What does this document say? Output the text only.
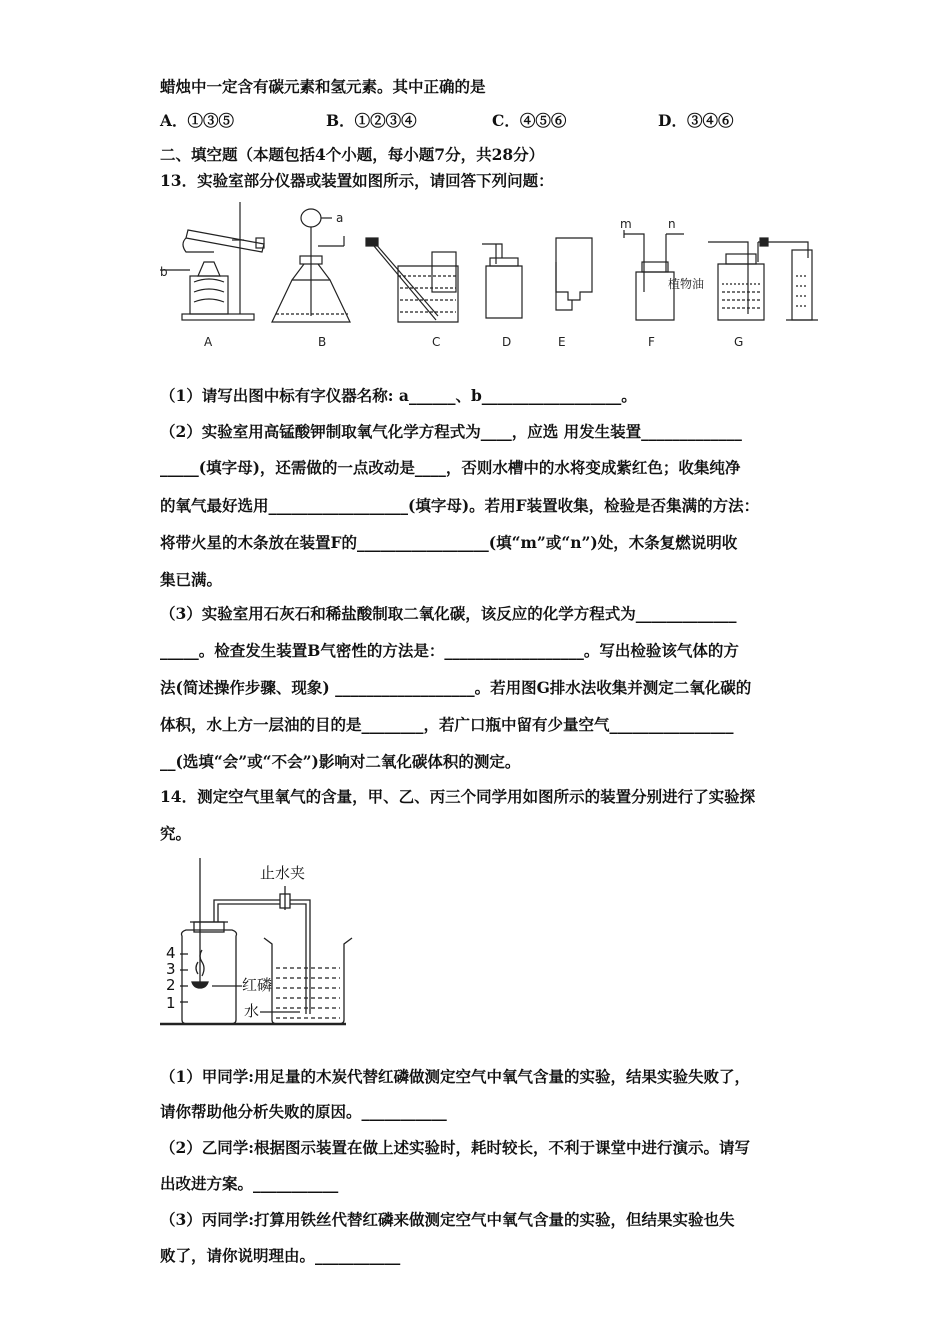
蜡烛中一定含有碳元素和氢元素。其中正确的是
A．①③⑤	B．①②③④	C．④⑤⑥	D．③④⑥
二、填空题（本题包括4个小题，每小题7分，共28分）
13．实验室部分仪器或装置如图所示，请回答下列问题：
A	B	C	D	E	F	G
a
b
m	n
植物油
（1）请写出图中标有字仪器名称: a______、b__________________。
（2）实验室用高锰酸钾制取氧气化学方程式为____，应选 用发生装置_____________
_____(填字母)，还需做的一点改动是____，否则水槽中的水将变成紫红色；收集纯净
的氧气最好选用__________________(填字母)。若用F装置收集，检验是否集满的方法：
将带火星的木条放在装置F的_________________(填“m”或“n”)处，木条复燃说明收
集已满。
（3）实验室用石灰石和稀盐酸制取二氧化碳，该反应的化学方程式为_____________
_____。检查发生装置B气密性的方法是：__________________。写出检验该气体的方
法(简述操作步骤、现象) __________________。若用图G排水法收集并测定二氧化碳的
体积，水上方一层油的目的是________，若广口瓶中留有少量空气________________
__(选填“会”或“不会”)影响对二氧化碳体积的测定。
14．测定空气里氧气的含量，甲、乙、丙三个同学用如图所示的装置分别进行了实验探
究。
止水夹
红磷
水
4
3
2
1
（1）甲同学:用足量的木炭代替红磷做测定空气中氧气含量的实验，结果实验失败了，
请你帮助他分析失败的原因。___________
（2）乙同学:根据图示装置在做上述实验时，耗时较长，不利于课堂中进行演示。请写
出改进方案。___________
（3）丙同学:打算用铁丝代替红磷来做测定空气中氧气含量的实验，但结果实验也失
败了，请你说明理由。___________
